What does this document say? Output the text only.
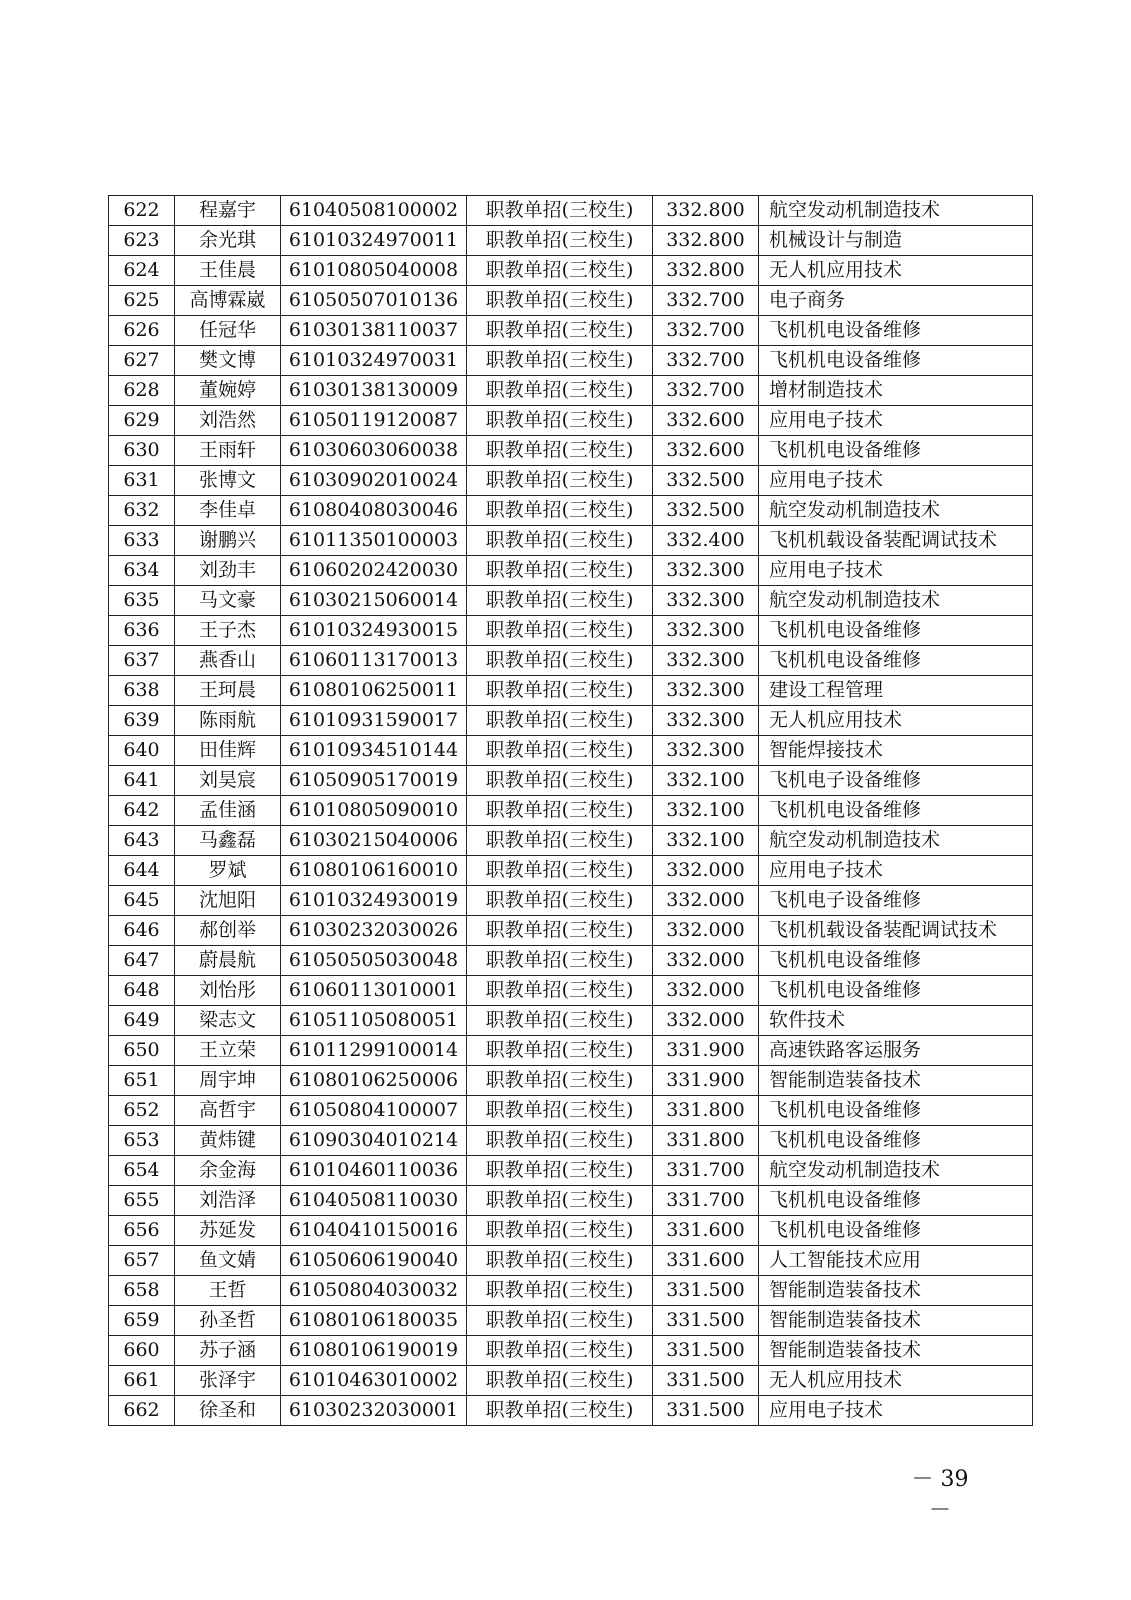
622	程嘉宇	61040508100002	职教单招(三校生)	332.800	航空发动机制造技术
623	余光琪	61010324970011	职教单招(三校生)	332.800	机械设计与制造
624	王佳晨	61010805040008	职教单招(三校生)	332.800	无人机应用技术
625	高博霖崴	61050507010136	职教单招(三校生)	332.700	电子商务
626	任冠华	61030138110037	职教单招(三校生)	332.700	飞机机电设备维修
627	樊文博	61010324970031	职教单招(三校生)	332.700	飞机机电设备维修
628	董婉婷	61030138130009	职教单招(三校生)	332.700	增材制造技术
629	刘浩然	61050119120087	职教单招(三校生)	332.600	应用电子技术
630	王雨轩	61030603060038	职教单招(三校生)	332.600	飞机机电设备维修
631	张博文	61030902010024	职教单招(三校生)	332.500	应用电子技术
632	李佳卓	61080408030046	职教单招(三校生)	332.500	航空发动机制造技术
633	谢鹏兴	61011350100003	职教单招(三校生)	332.400	飞机机载设备装配调试技术
634	刘劲丰	61060202420030	职教单招(三校生)	332.300	应用电子技术
635	马文豪	61030215060014	职教单招(三校生)	332.300	航空发动机制造技术
636	王子杰	61010324930015	职教单招(三校生)	332.300	飞机机电设备维修
637	燕香山	61060113170013	职教单招(三校生)	332.300	飞机机电设备维修
638	王珂晨	61080106250011	职教单招(三校生)	332.300	建设工程管理
639	陈雨航	61010931590017	职教单招(三校生)	332.300	无人机应用技术
640	田佳辉	61010934510144	职教单招(三校生)	332.300	智能焊接技术
641	刘昊宸	61050905170019	职教单招(三校生)	332.100	飞机电子设备维修
642	孟佳涵	61010805090010	职教单招(三校生)	332.100	飞机机电设备维修
643	马鑫磊	61030215040006	职教单招(三校生)	332.100	航空发动机制造技术
644	罗斌	61080106160010	职教单招(三校生)	332.000	应用电子技术
645	沈旭阳	61010324930019	职教单招(三校生)	332.000	飞机电子设备维修
646	郝创举	61030232030026	职教单招(三校生)	332.000	飞机机载设备装配调试技术
647	蔚晨航	61050505030048	职教单招(三校生)	332.000	飞机机电设备维修
648	刘怡彤	61060113010001	职教单招(三校生)	332.000	飞机机电设备维修
649	梁志文	61051105080051	职教单招(三校生)	332.000	软件技术
650	王立荣	61011299100014	职教单招(三校生)	331.900	高速铁路客运服务
651	周宇坤	61080106250006	职教单招(三校生)	331.900	智能制造装备技术
652	高哲宇	61050804100007	职教单招(三校生)	331.800	飞机机电设备维修
653	黄炜键	61090304010214	职教单招(三校生)	331.800	飞机机电设备维修
654	余金海	61010460110036	职教单招(三校生)	331.700	航空发动机制造技术
655	刘浩泽	61040508110030	职教单招(三校生)	331.700	飞机机电设备维修
656	苏延发	61040410150016	职教单招(三校生)	331.600	飞机机电设备维修
657	鱼文婧	61050606190040	职教单招(三校生)	331.600	人工智能技术应用
658	王哲	61050804030032	职教单招(三校生)	331.500	智能制造装备技术
659	孙圣哲	61080106180035	职教单招(三校生)	331.500	智能制造装备技术
660	苏子涵	61080106190019	职教单招(三校生)	331.500	智能制造装备技术
661	张泽宇	61010463010002	职教单招(三校生)	331.500	无人机应用技术
662	徐圣和	61030232030001	职教单招(三校生)	331.500	应用电子技术
－ 39 －
